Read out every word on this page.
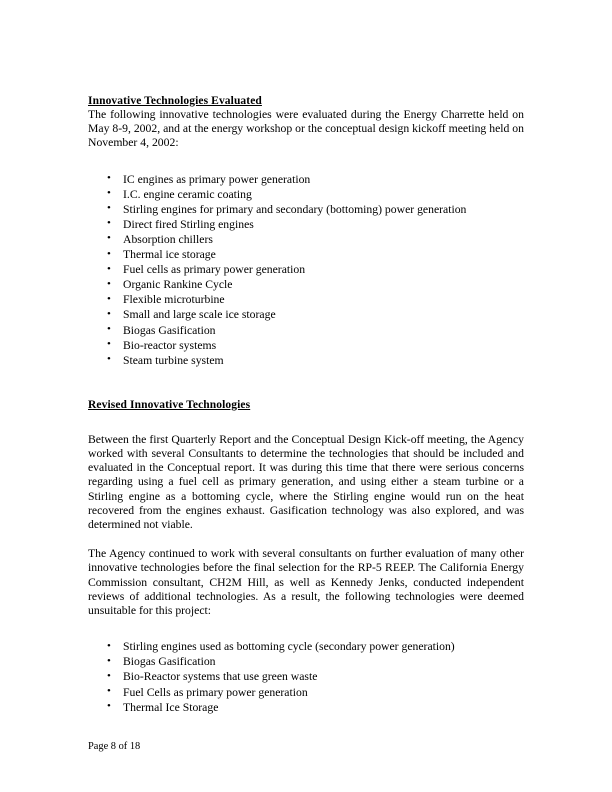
Innovative Technologies Evaluated

The following innovative technologies were evaluated during the Energy Charrette held on May 8-9, 2002, and at the energy workshop or the conceptual design kickoff meeting held on November 4, 2002:

• IC engines as primary power generation
• I.C. engine ceramic coating
• Stirling engines for primary and secondary (bottoming) power generation
• Direct fired Stirling engines
• Absorption chillers
• Thermal ice storage
• Fuel cells as primary power generation
• Organic Rankine Cycle
• Flexible microturbine
• Small and large scale ice storage
• Biogas Gasification
• Bio-reactor systems
• Steam turbine system
Revised Innovative Technologies

Between the first Quarterly Report and the Conceptual Design Kick-off meeting, the Agency worked with several Consultants to determine the technologies that should be included and evaluated in the Conceptual report. It was during this time that there were serious concerns regarding using a fuel cell as primary generation, and using either a steam turbine or a Stirling engine as a bottoming cycle, where the Stirling engine would run on the heat recovered from the engines exhaust. Gasification technology was also explored, and was determined not viable.

The Agency continued to work with several consultants on further evaluation of many other innovative technologies before the final selection for the RP-5 REEP. The California Energy Commission consultant, CH2M Hill, as well as Kennedy Jenks, conducted independent reviews of additional technologies. As a result, the following technologies were deemed unsuitable for this project:

• Stirling engines used as bottoming cycle (secondary power generation)
• Biogas Gasification
• Bio-Reactor systems that use green waste
• Fuel Cells as primary power generation
• Thermal Ice Storage
Page 8 of 18
